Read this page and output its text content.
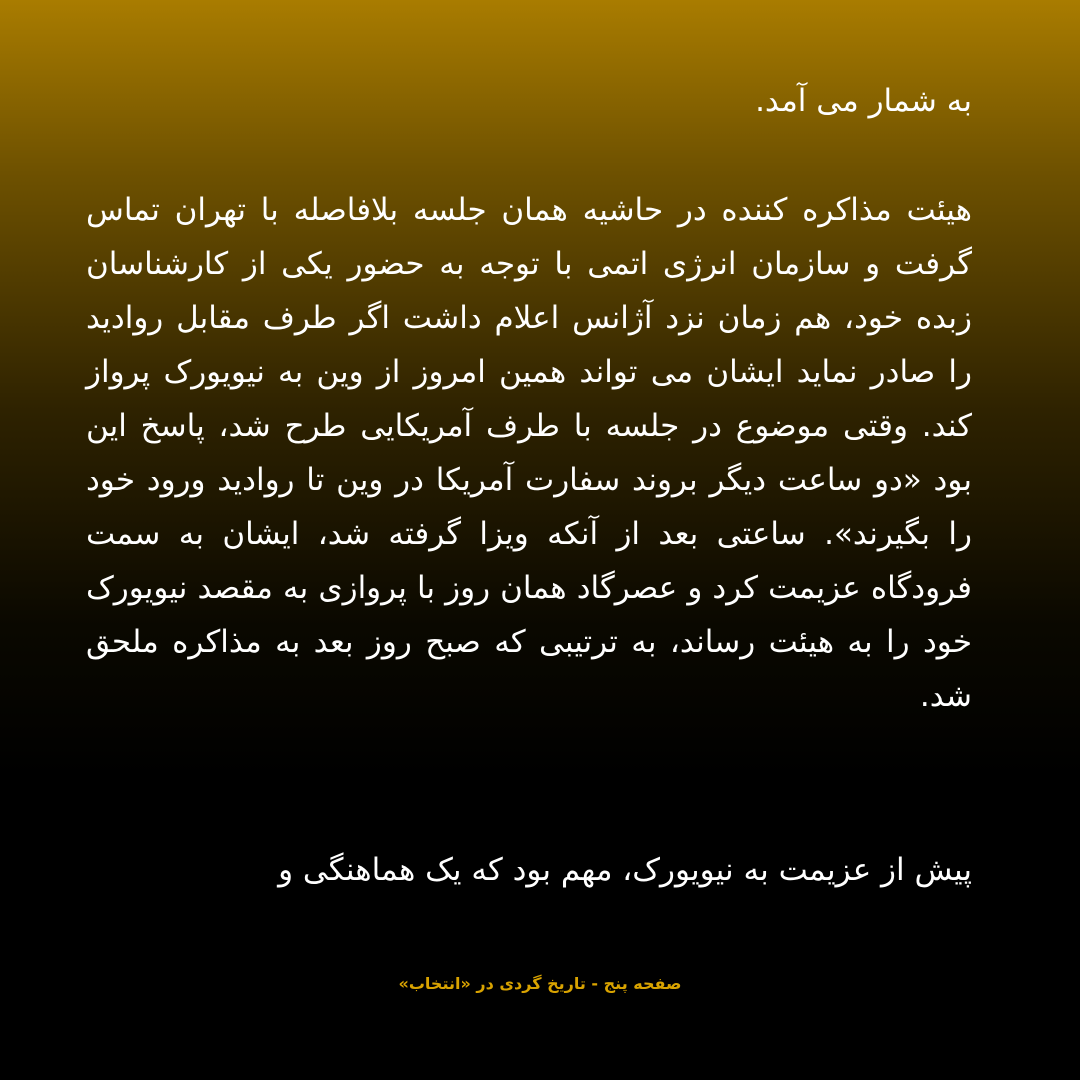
به شمار می آمد.

هیئت مذاکره کننده در حاشیه همان جلسه بلافاصله با تهران تماس گرفت و سازمان انرژی اتمی با توجه به حضور یکی از کارشناسان زبده خود، هم زمان نزد آژانس اعلام داشت اگر طرف مقابل روادید را صادر نماید ایشان می تواند همین امروز از وین به نیویورک پرواز کند. وقتی موضوع در جلسه با طرف آمریکایی طرح شد، پاسخ این بود «دو ساعت دیگر بروند سفارت آمریکا در وین تا روادید ورود خود را بگیرند». ساعتی بعد از آنکه ویزا گرفته شد، ایشان به سمت فرودگاه عزیمت کرد و عصرگاد همان روز با پروازی به مقصد نیویورک خود را به هیئت رساند، به ترتیبی که صبح روز بعد به مذاکره ملحق شد.

پیش از عزیمت به نیویورک، مهم بود که یک هماهنگی و

صفحه پنج - تاریخ گردی در «انتخاب»
